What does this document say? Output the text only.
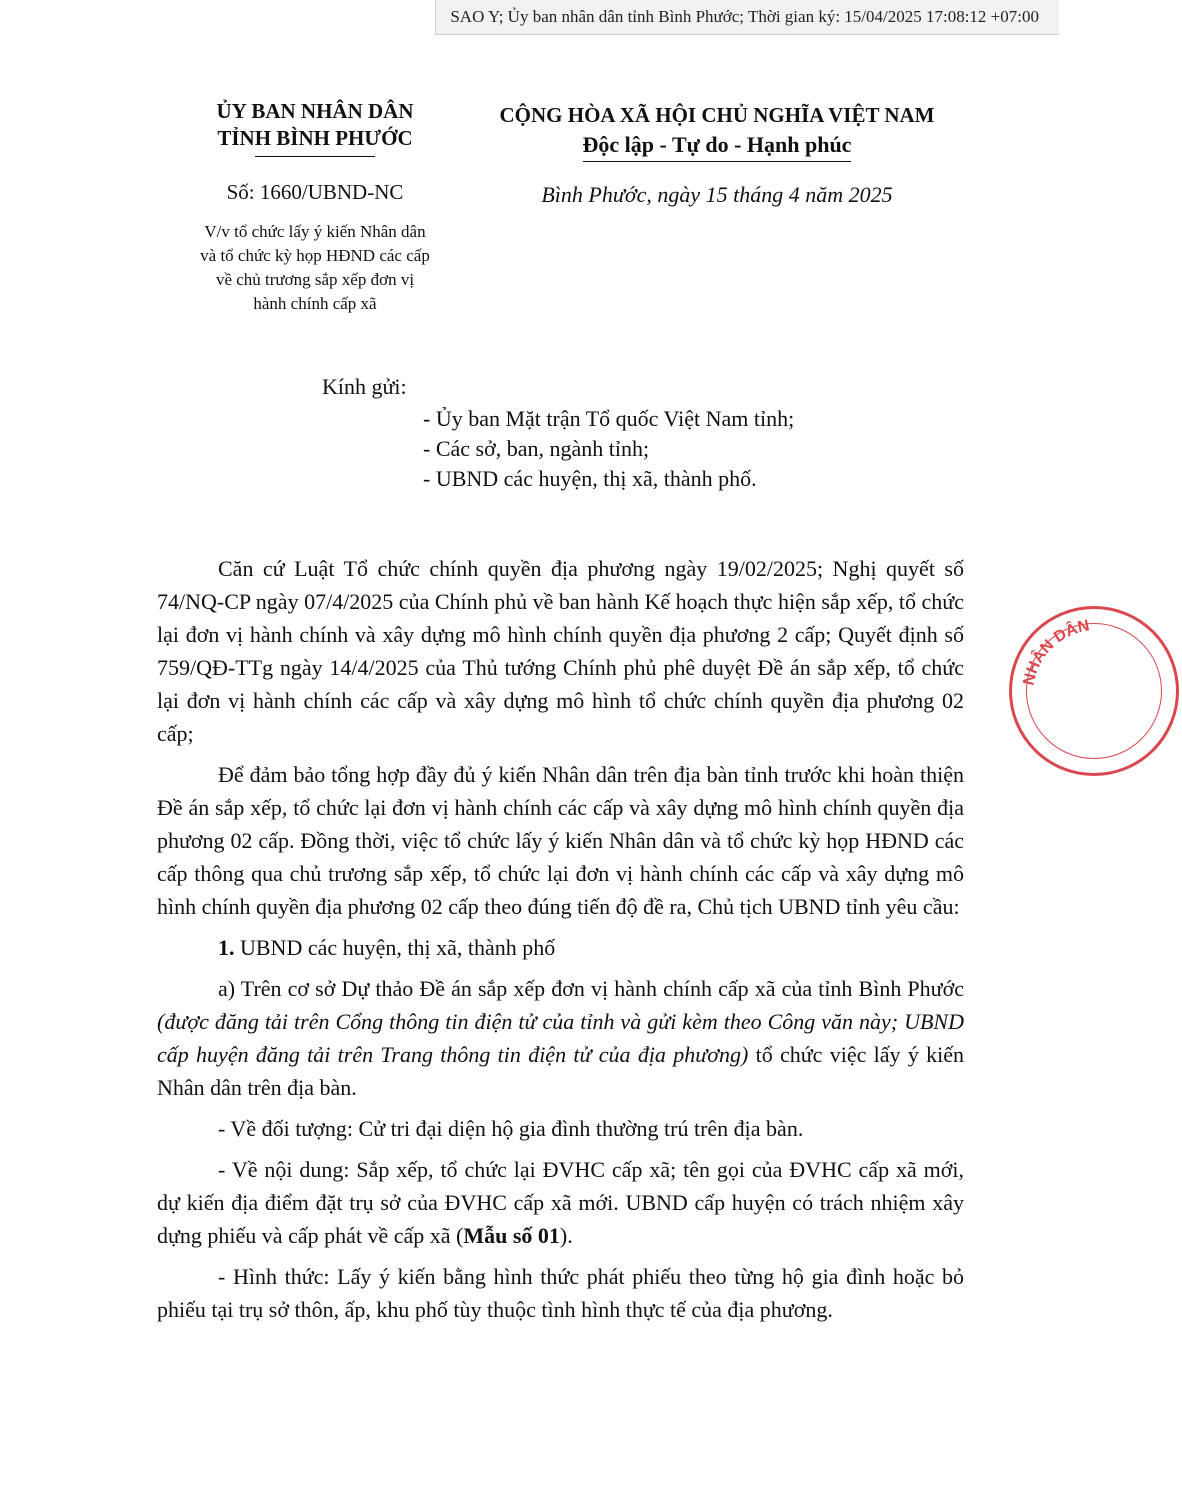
SAO Y; Ủy ban nhân dân tỉnh Bình Phước; Thời gian ký: 15/04/2025 17:08:12 +07:00
ỦY BAN NHÂN DÂN
TỈNH BÌNH PHƯỚC
CỘNG HÒA XÃ HỘI CHỦ NGHĨA VIỆT NAM
Độc lập - Tự do - Hạnh phúc
Số: 1660/UBND-NC	Bình Phước, ngày 15 tháng 4 năm 2025
V/v tổ chức lấy ý kiến Nhân dân
và tổ chức kỳ họp HĐND các cấp
về chủ trương sắp xếp đơn vị
hành chính cấp xã
Kính gửi:
- Ủy ban Mặt trận Tổ quốc Việt Nam tỉnh;
- Các sở, ban, ngành tỉnh;
- UBND các huyện, thị xã, thành phố.

Căn cứ Luật Tổ chức chính quyền địa phương ngày 19/02/2025; Nghị quyết số 74/NQ-CP ngày 07/4/2025 của Chính phủ về ban hành Kế hoạch thực hiện sắp xếp, tổ chức lại đơn vị hành chính và xây dựng mô hình chính quyền địa phương 2 cấp; Quyết định số 759/QĐ-TTg ngày 14/4/2025 của Thủ tướng Chính phủ phê duyệt Đề án sắp xếp, tổ chức lại đơn vị hành chính các cấp và xây dựng mô hình tổ chức chính quyền địa phương 02 cấp;

Để đảm bảo tổng hợp đầy đủ ý kiến Nhân dân trên địa bàn tỉnh trước khi hoàn thiện Đề án sắp xếp, tổ chức lại đơn vị hành chính các cấp và xây dựng mô hình chính quyền địa phương 02 cấp. Đồng thời, việc tổ chức lấy ý kiến Nhân dân và tổ chức kỳ họp HĐND các cấp thông qua chủ trương sắp xếp, tổ chức lại đơn vị hành chính các cấp và xây dựng mô hình chính quyền địa phương 02 cấp theo đúng tiến độ đề ra, Chủ tịch UBND tỉnh yêu cầu:

1. UBND các huyện, thị xã, thành phố

a) Trên cơ sở Dự thảo Đề án sắp xếp đơn vị hành chính cấp xã của tỉnh Bình Phước (được đăng tải trên Cổng thông tin điện tử của tỉnh và gửi kèm theo Công văn này; UBND cấp huyện đăng tải trên Trang thông tin điện tử của địa phương) tổ chức việc lấy ý kiến Nhân dân trên địa bàn.

- Về đối tượng: Cử tri đại diện hộ gia đình thường trú trên địa bàn.

- Về nội dung: Sắp xếp, tổ chức lại ĐVHC cấp xã; tên gọi của ĐVHC cấp xã mới, dự kiến địa điểm đặt trụ sở của ĐVHC cấp xã mới. UBND cấp huyện có trách nhiệm xây dựng phiếu và cấp phát về cấp xã (Mẫu số 01).

- Hình thức: Lấy ý kiến bằng hình thức phát phiếu theo từng hộ gia đình hoặc bỏ phiếu tại trụ sở thôn, ấp, khu phố tùy thuộc tình hình thực tế của địa phương.

NHÂN DÂN
